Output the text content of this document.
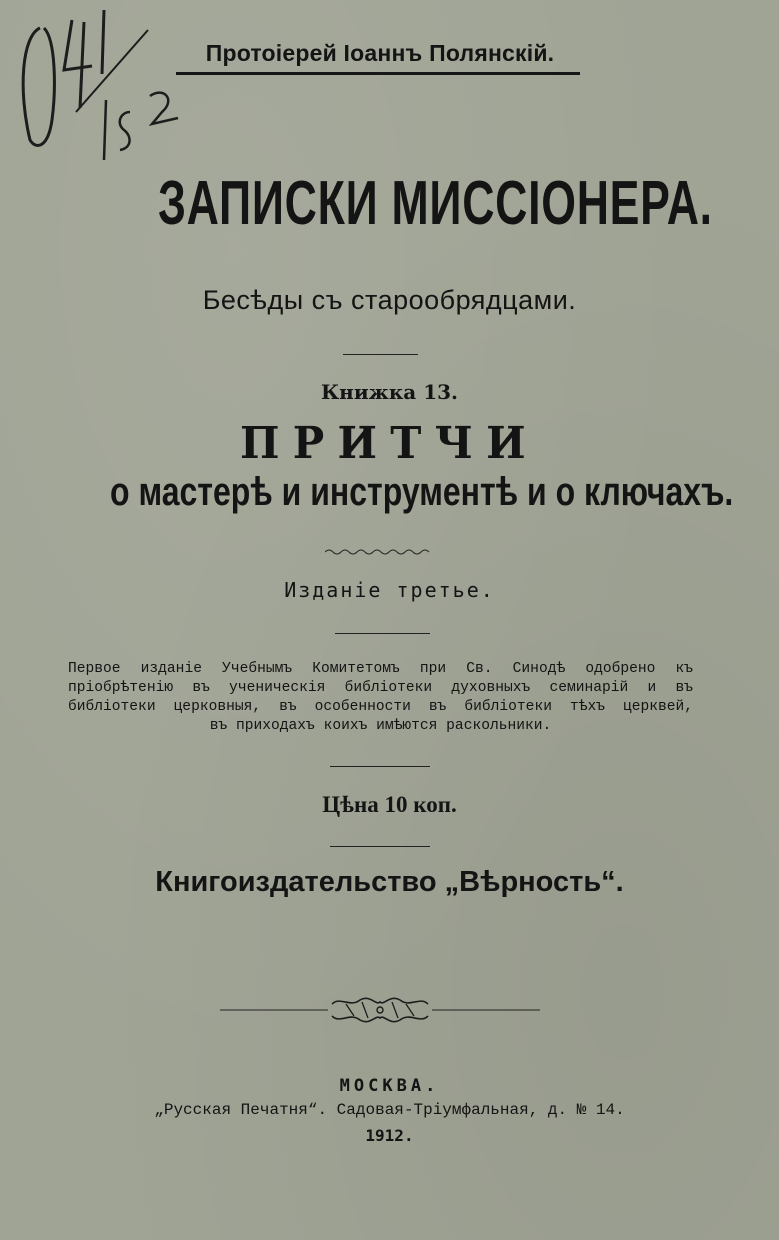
Протоіерей Іоаннъ Полянскій.
ЗАПИСКИ МИССІОНЕРА.
Бесѣды съ старообрядцами.
Книжка 13.
ПРИТЧИ
о мастерѣ и инструментѣ и о ключахъ.
Изданіе третье.
Первое изданіе Учебнымъ Комитетомъ при Св. Синодѣ одобрено къ
пріобрѣтенію въ ученическія библіотеки духовныхъ семинарій и въ
библіотеки церковныя, въ особенности въ библіотеки тѣхъ церквей,
въ приходахъ коихъ имѣются раскольники.
Цѣна 10 коп.
Книгоиздательство „Вѣрность“.
МОСКВА.
„Русская Печатня“. Садовая-Тріумфальная, д. № 14.
1912.
